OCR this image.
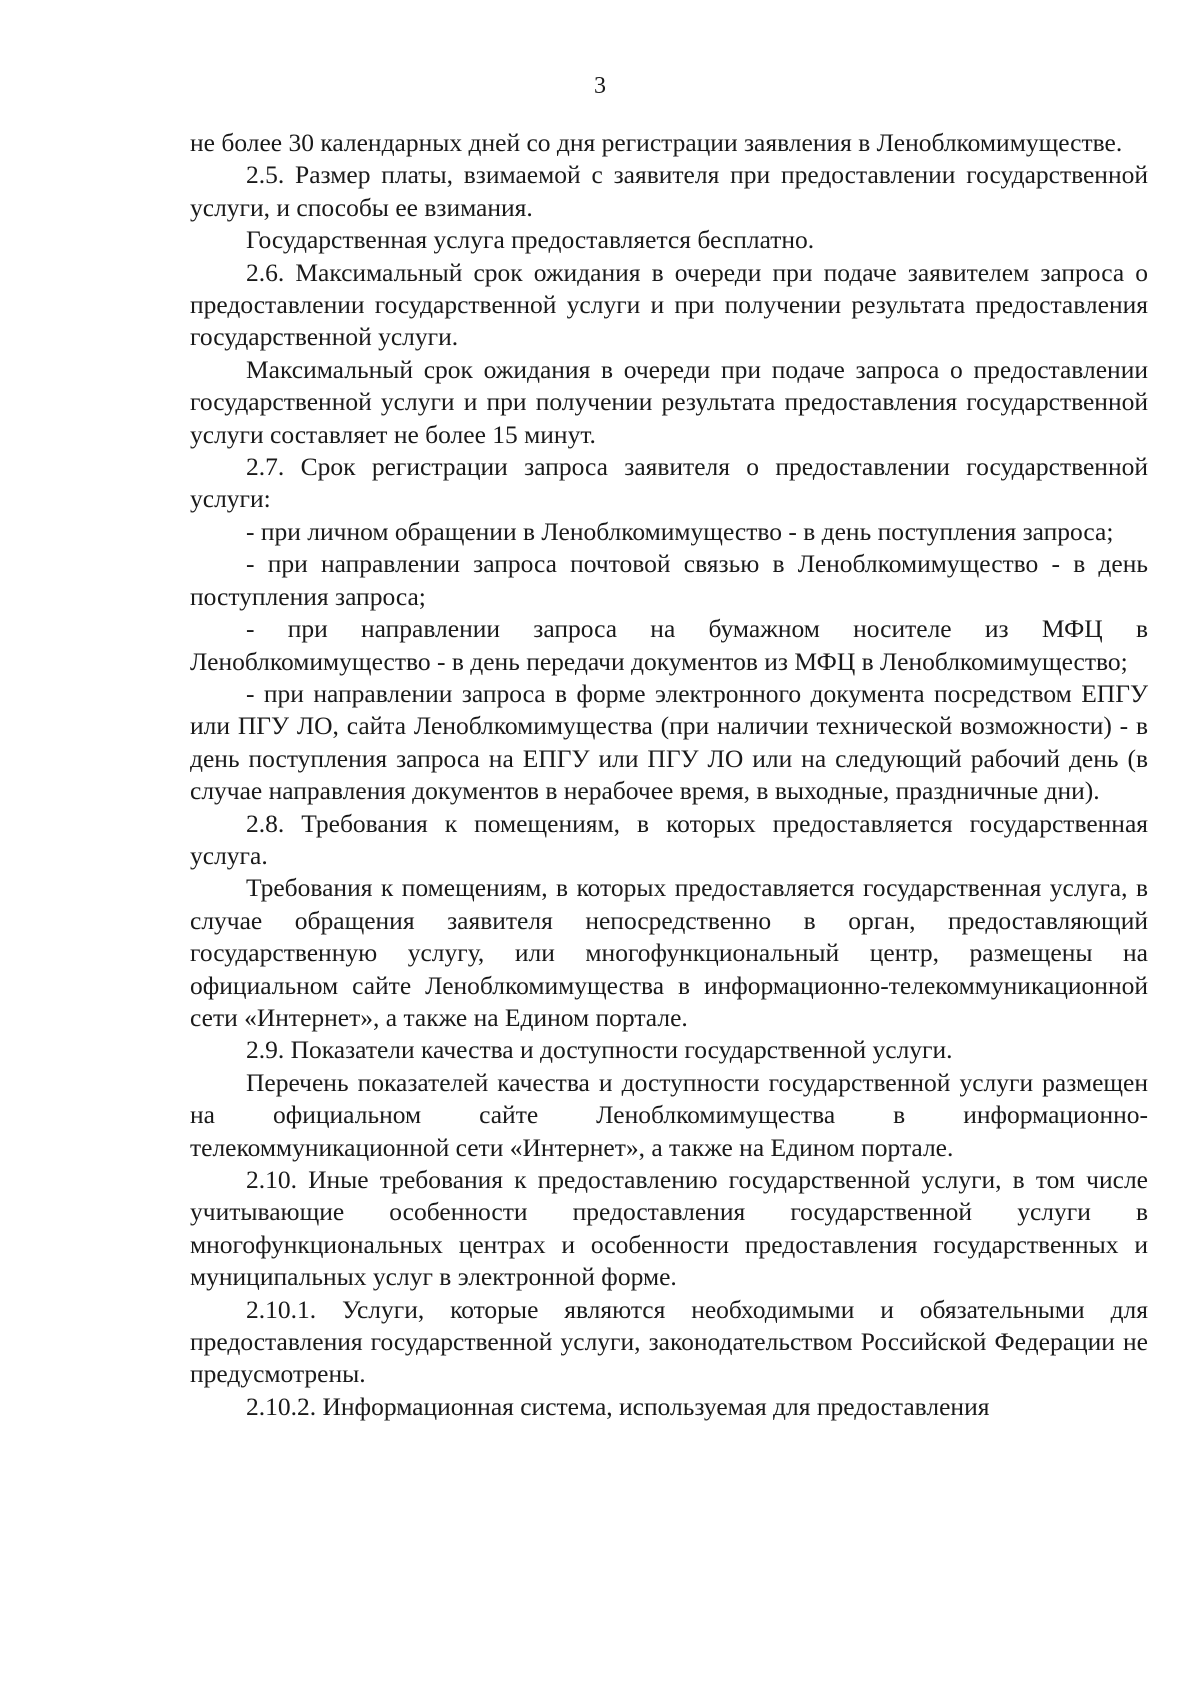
3

не более 30 календарных дней со дня регистрации заявления в Леноблкомимуществе.

2.5. Размер платы, взимаемой с заявителя при предоставлении государственной услуги, и способы ее взимания.

Государственная услуга предоставляется бесплатно.

2.6. Максимальный срок ожидания в очереди при подаче заявителем запроса о предоставлении государственной услуги и при получении результата предоставления государственной услуги.

Максимальный срок ожидания в очереди при подаче запроса о предоставлении государственной услуги и при получении результата предоставления государственной услуги составляет не более 15 минут.

2.7. Срок регистрации запроса заявителя о предоставлении государственной услуги:

- при личном обращении в Леноблкомимущество - в день поступления запроса;

- при направлении запроса почтовой связью в Леноблкомимущество - в день поступления запроса;

- при направлении запроса на бумажном носителе из МФЦ в Леноблкомимущество - в день передачи документов из МФЦ в Леноблкомимущество;

- при направлении запроса в форме электронного документа посредством ЕПГУ или ПГУ ЛО, сайта Леноблкомимущества (при наличии технической возможности) - в день поступления запроса на ЕПГУ или ПГУ ЛО или на следующий рабочий день (в случае направления документов в нерабочее время, в выходные, праздничные дни).

2.8. Требования к помещениям, в которых предоставляется государственная услуга.

Требования к помещениям, в которых предоставляется государственная услуга, в случае обращения заявителя непосредственно в орган, предоставляющий государственную услугу, или многофункциональный центр, размещены на официальном сайте Леноблкомимущества в информационно-телекоммуникационной сети «Интернет», а также на Едином портале.

2.9. Показатели качества и доступности государственной услуги.

Перечень показателей качества и доступности государственной услуги размещен на официальном сайте Леноблкомимущества в информационно-телекоммуникационной сети «Интернет», а также на Едином портале.

2.10. Иные требования к предоставлению государственной услуги, в том числе учитывающие особенности предоставления государственной услуги в многофункциональных центрах и особенности предоставления государственных и муниципальных услуг в электронной форме.

2.10.1. Услуги, которые являются необходимыми и обязательными для предоставления государственной услуги, законодательством Российской Федерации не предусмотрены.

2.10.2. Информационная система, используемая для предоставления
